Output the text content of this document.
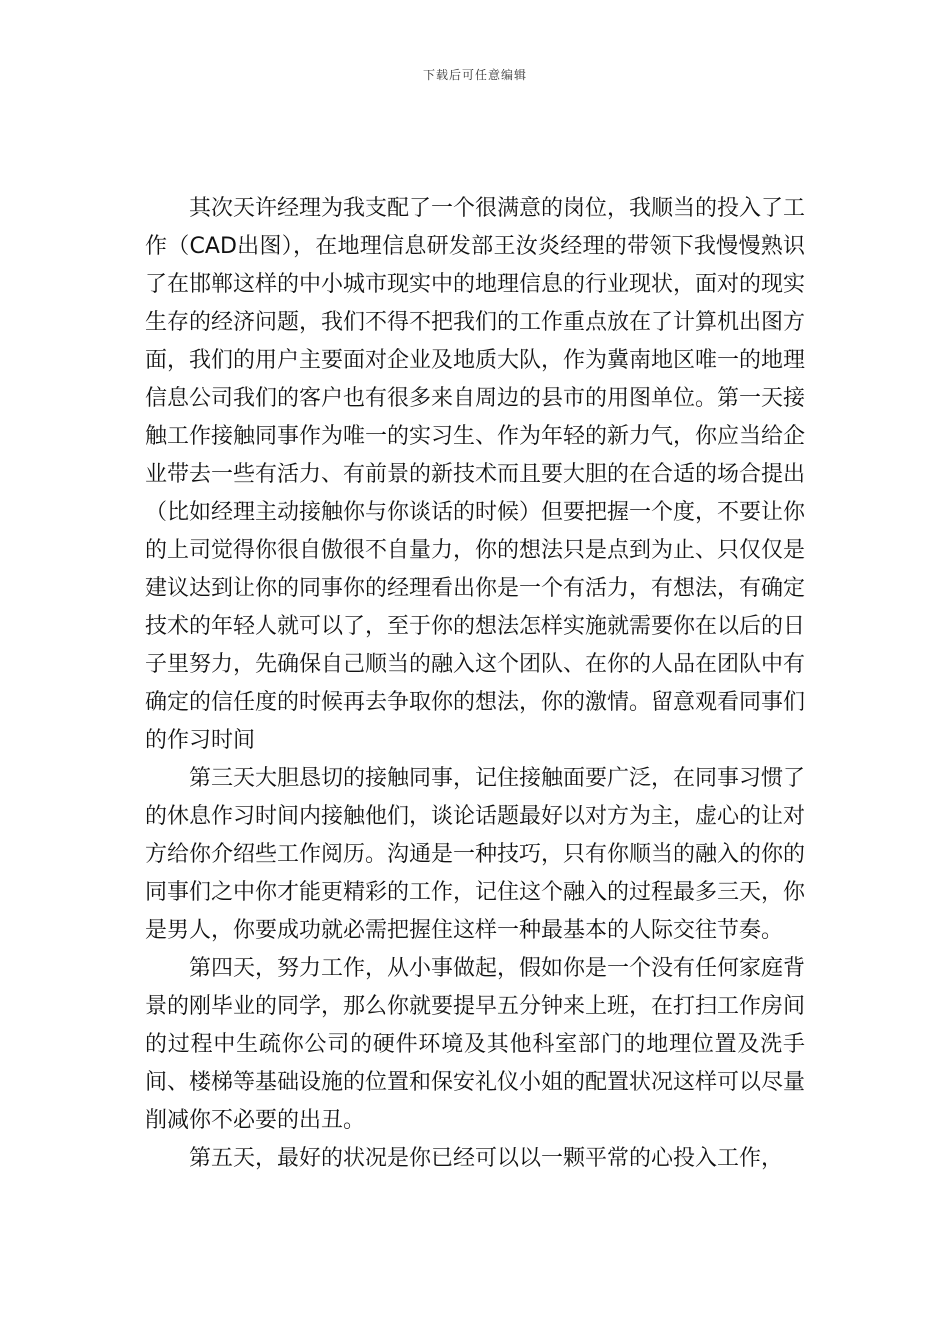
下载后可任意编辑

其次天许经理为我支配了一个很满意的岗位，我顺当的投入了工作（CAD出图），在地理信息研发部王汝炎经理的带领下我慢慢熟识了在邯郸这样的中小城市现实中的地理信息的行业现状，面对的现实生存的经济问题，我们不得不把我们的工作重点放在了计算机出图方面，我们的用户主要面对企业及地质大队，作为冀南地区唯一的地理信息公司我们的客户也有很多来自周边的县市的用图单位。第一天接触工作接触同事作为唯一的实习生、作为年轻的新力气，你应当给企业带去一些有活力、有前景的新技术而且要大胆的在合适的场合提出（比如经理主动接触你与你谈话的时候）但要把握一个度，不要让你的上司觉得你很自傲很不自量力，你的想法只是点到为止、只仅仅是建议达到让你的同事你的经理看出你是一个有活力，有想法，有确定技术的年轻人就可以了，至于你的想法怎样实施就需要你在以后的日子里努力，先确保自己顺当的融入这个团队、在你的人品在团队中有确定的信任度的时候再去争取你的想法，你的激情。留意观看同事们的作习时间

第三天大胆恳切的接触同事，记住接触面要广泛，在同事习惯了的休息作习时间内接触他们，谈论话题最好以对方为主，虚心的让对方给你介绍些工作阅历。沟通是一种技巧，只有你顺当的融入的你的同事们之中你才能更精彩的工作，记住这个融入的过程最多三天，你是男人，你要成功就必需把握住这样一种最基本的人际交往节奏。

第四天，努力工作，从小事做起，假如你是一个没有任何家庭背景的刚毕业的同学，那么你就要提早五分钟来上班，在打扫工作房间的过程中生疏你公司的硬件环境及其他科室部门的地理位置及洗手间、楼梯等基础设施的位置和保安礼仪小姐的配置状况这样可以尽量削减你不必要的出丑。

第五天，最好的状况是你已经可以以一颗平常的心投入工作，
